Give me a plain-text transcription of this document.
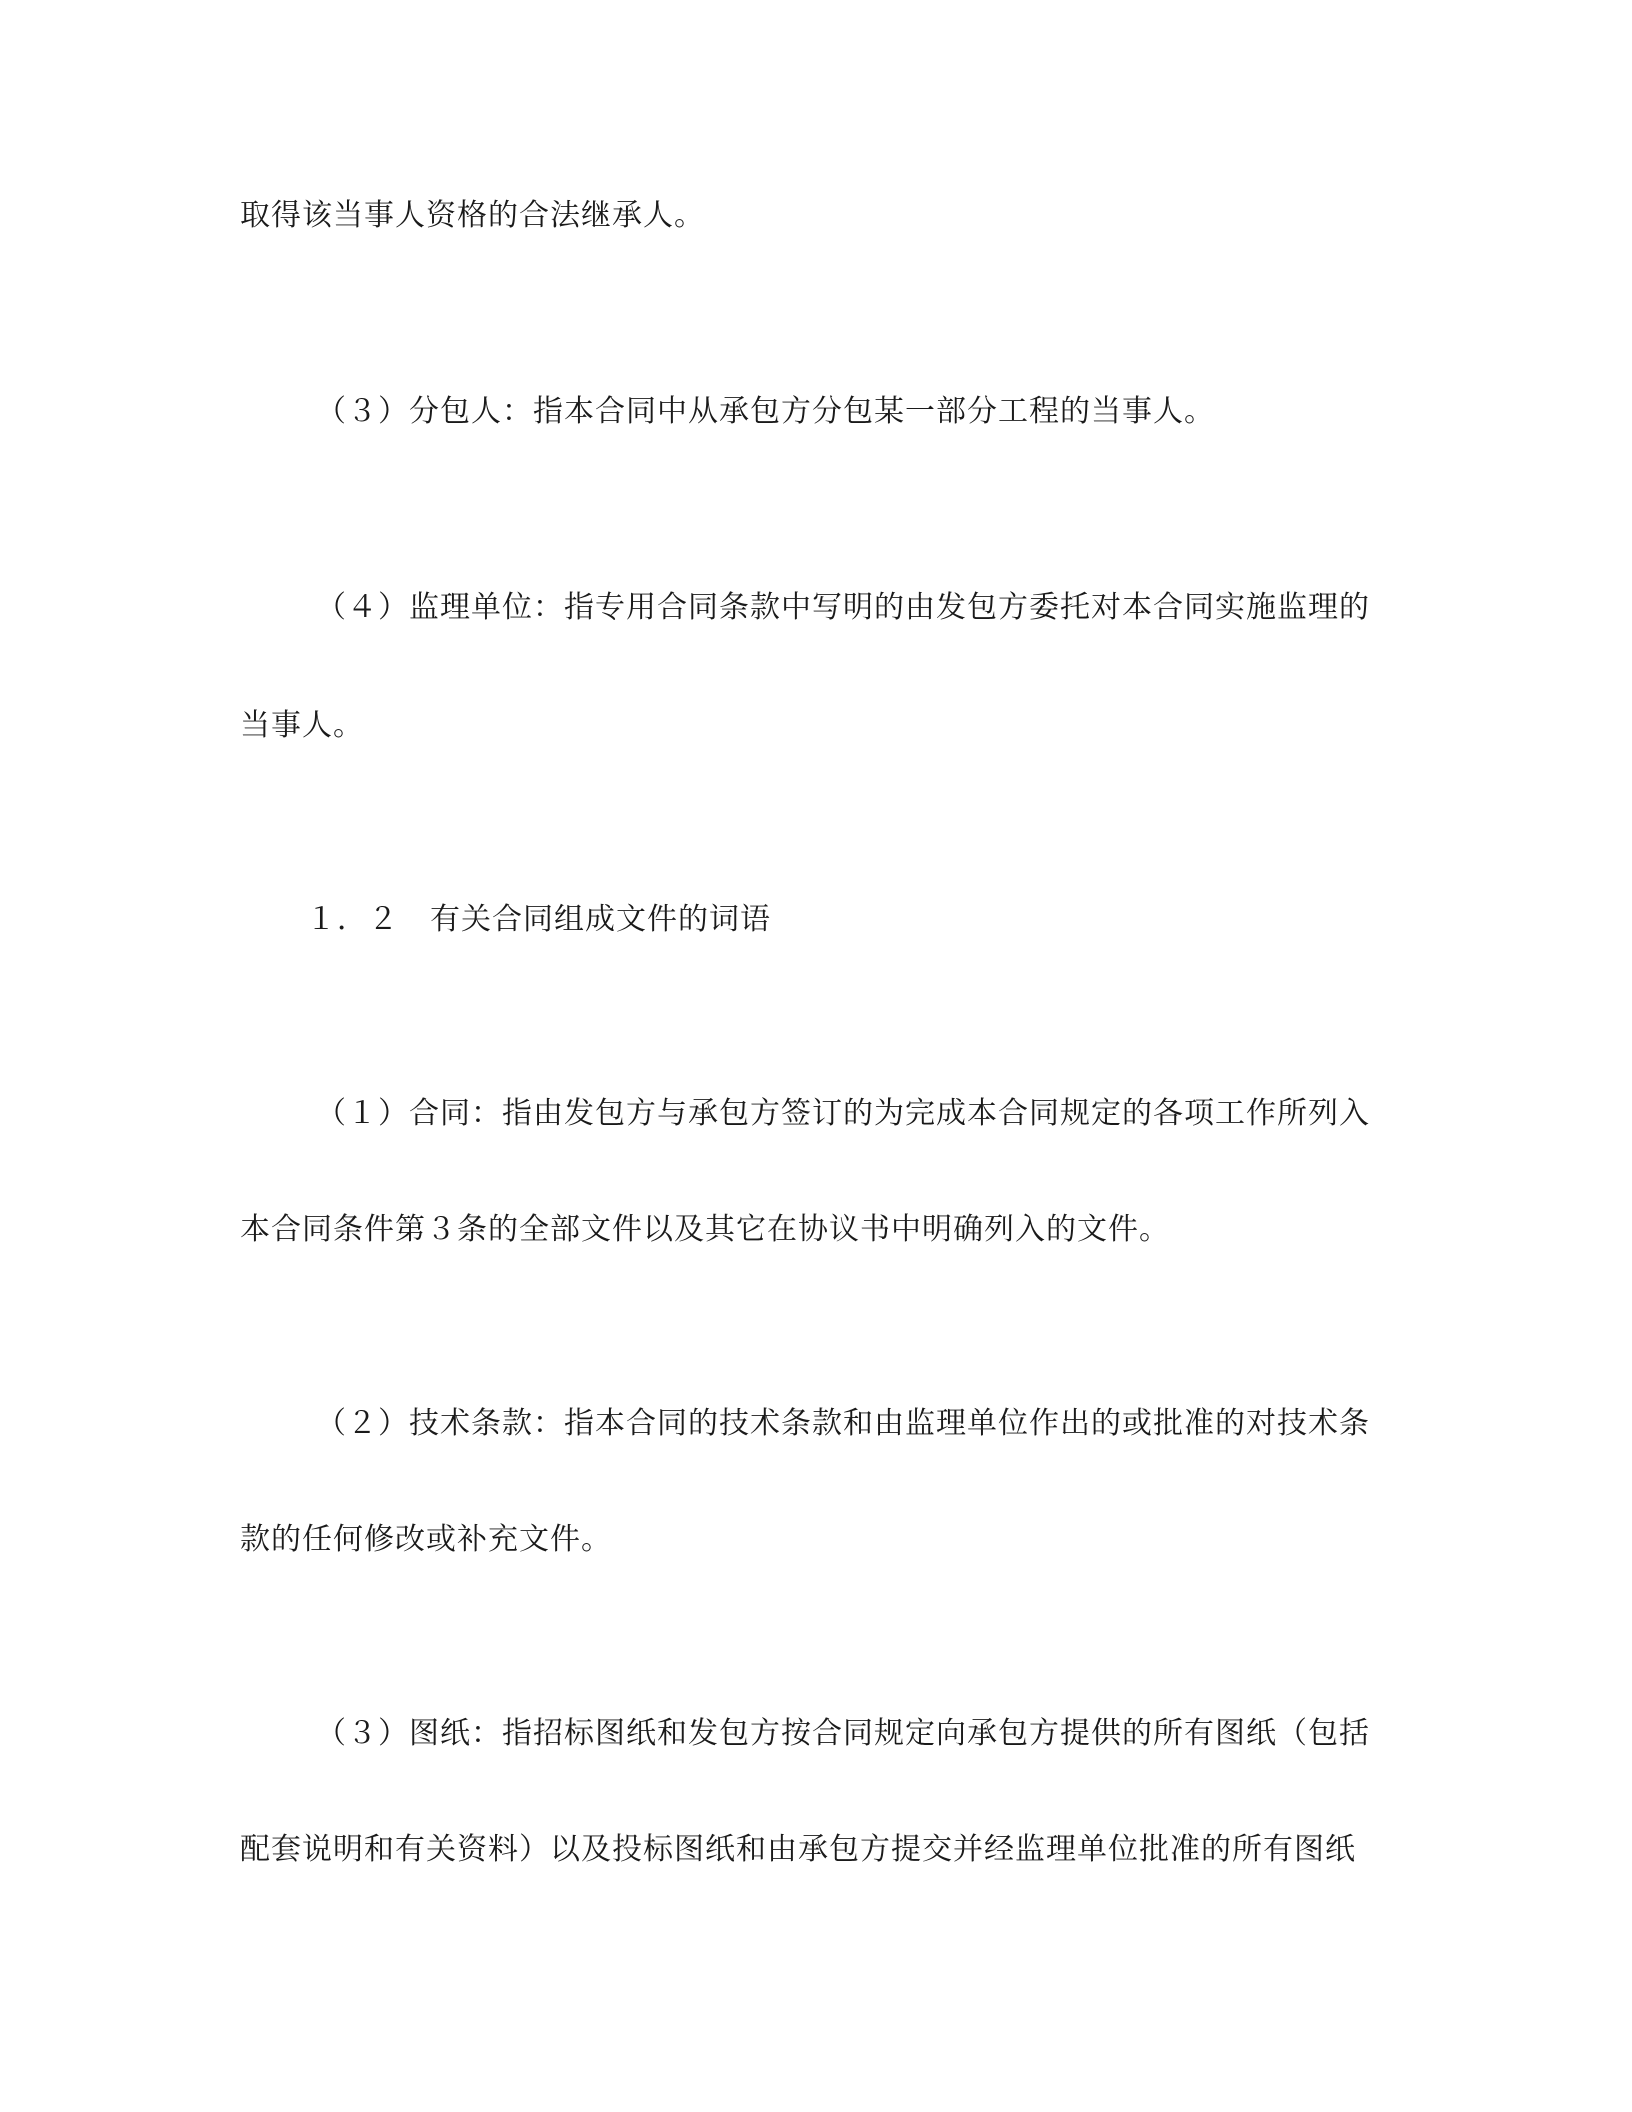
取得该当事人资格的合法继承人。
（３）分包人：指本合同中从承包方分包某一部分工程的当事人。
（４）监理单位：指专用合同条款中写明的由发包方委托对本合同实施监理的
当事人。
１．２　有关合同组成文件的词语
（１）合同：指由发包方与承包方签订的为完成本合同规定的各项工作所列入
本合同条件第３条的全部文件以及其它在协议书中明确列入的文件。
（２）技术条款：指本合同的技术条款和由监理单位作出的或批准的对技术条
款的任何修改或补充文件。
（３）图纸：指招标图纸和发包方按合同规定向承包方提供的所有图纸（包括
配套说明和有关资料）以及投标图纸和由承包方提交并经监理单位批准的所有图纸
